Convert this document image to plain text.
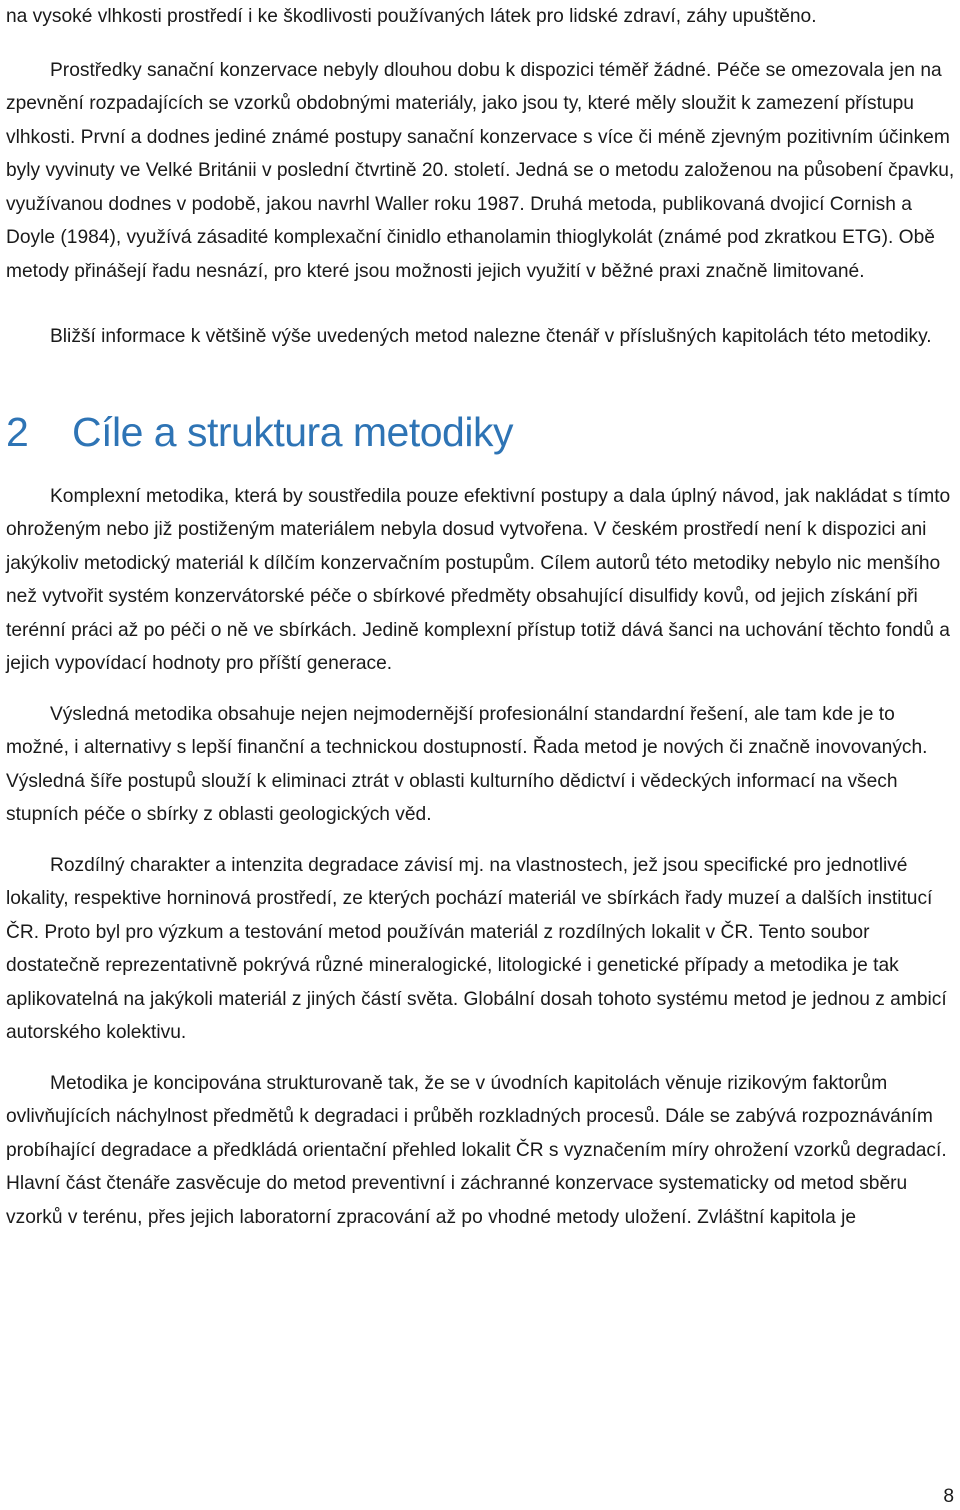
na vysoké vlhkosti prostředí i ke škodlivosti používaných látek pro lidské zdraví, záhy upuštěno.

Prostředky sanační konzervace nebyly dlouhou dobu k dispozici téměř žádné. Péče se omezovala jen na zpevnění rozpadajících se vzorků obdobnými materiály, jako jsou ty, které měly sloužit k zamezení přístupu vlhkosti. První a dodnes jediné známé postupy sanační konzervace s více či méně zjevným pozitivním účinkem byly vyvinuty ve Velké Británii v poslední čtvrtině 20. století. Jedná se o metodu založenou na působení čpavku, využívanou dodnes v podobě, jakou navrhl Waller roku 1987. Druhá metoda, publikovaná dvojicí Cornish a Doyle (1984), využívá zásadité komplexační činidlo ethanolamin thioglykolát (známé pod zkratkou ETG). Obě metody přinášejí řadu nesnází, pro které jsou možnosti jejich využití v běžné praxi značně limitované.

Bližší informace k většině výše uvedených metod nalezne čtenář v příslušných kapitolách této metodiky.

2 Cíle a struktura metodiky

Komplexní metodika, která by soustředila pouze efektivní postupy a dala úplný návod, jak nakládat s tímto ohroženým nebo již postiženým materiálem nebyla dosud vytvořena. V českém prostředí není k dispozici ani jakýkoliv metodický materiál k dílčím konzervačním postupům. Cílem autorů této metodiky nebylo nic menšího než vytvořit systém konzervátorské péče o sbírkové předměty obsahující disulfidy kovů, od jejich získání při terénní práci až po péči o ně ve sbírkách. Jedině komplexní přístup totiž dává šanci na uchování těchto fondů a jejich vypovídací hodnoty pro příští generace.

Výsledná metodika obsahuje nejen nejmodernější profesionální standardní řešení, ale tam kde je to možné, i alternativy s lepší finanční a technickou dostupností. Řada metod je nových či značně inovovaných. Výsledná šíře postupů slouží k eliminaci ztrát v oblasti kulturního dědictví i vědeckých informací na všech stupních péče o sbírky z oblasti geologických věd.

Rozdílný charakter a intenzita degradace závisí mj. na vlastnostech, jež jsou specifické pro jednotlivé lokality, respektive horninová prostředí, ze kterých pochází materiál ve sbírkách řady muzeí a dalších institucí ČR. Proto byl pro výzkum a testování metod používán materiál z rozdílných lokalit v ČR. Tento soubor dostatečně reprezentativně pokrývá různé mineralogické, litologické i genetické případy a metodika je tak aplikovatelná na jakýkoli materiál z jiných částí světa. Globální dosah tohoto systému metod je jednou z ambicí autorského kolektivu.

Metodika je koncipována strukturovaně tak, že se v úvodních kapitolách věnuje rizikovým faktorům ovlivňujících náchylnost předmětů k degradaci i průběh rozkladných procesů. Dále se zabývá rozpoznáváním probíhající degradace a předkládá orientační přehled lokalit ČR s vyznačením míry ohrožení vzorků degradací. Hlavní část čtenáře zasvěcuje do metod preventivní i záchranné konzervace systematicky od metod sběru vzorků v terénu, přes jejich laboratorní zpracování až po vhodné metody uložení. Zvláštní kapitola je

8
